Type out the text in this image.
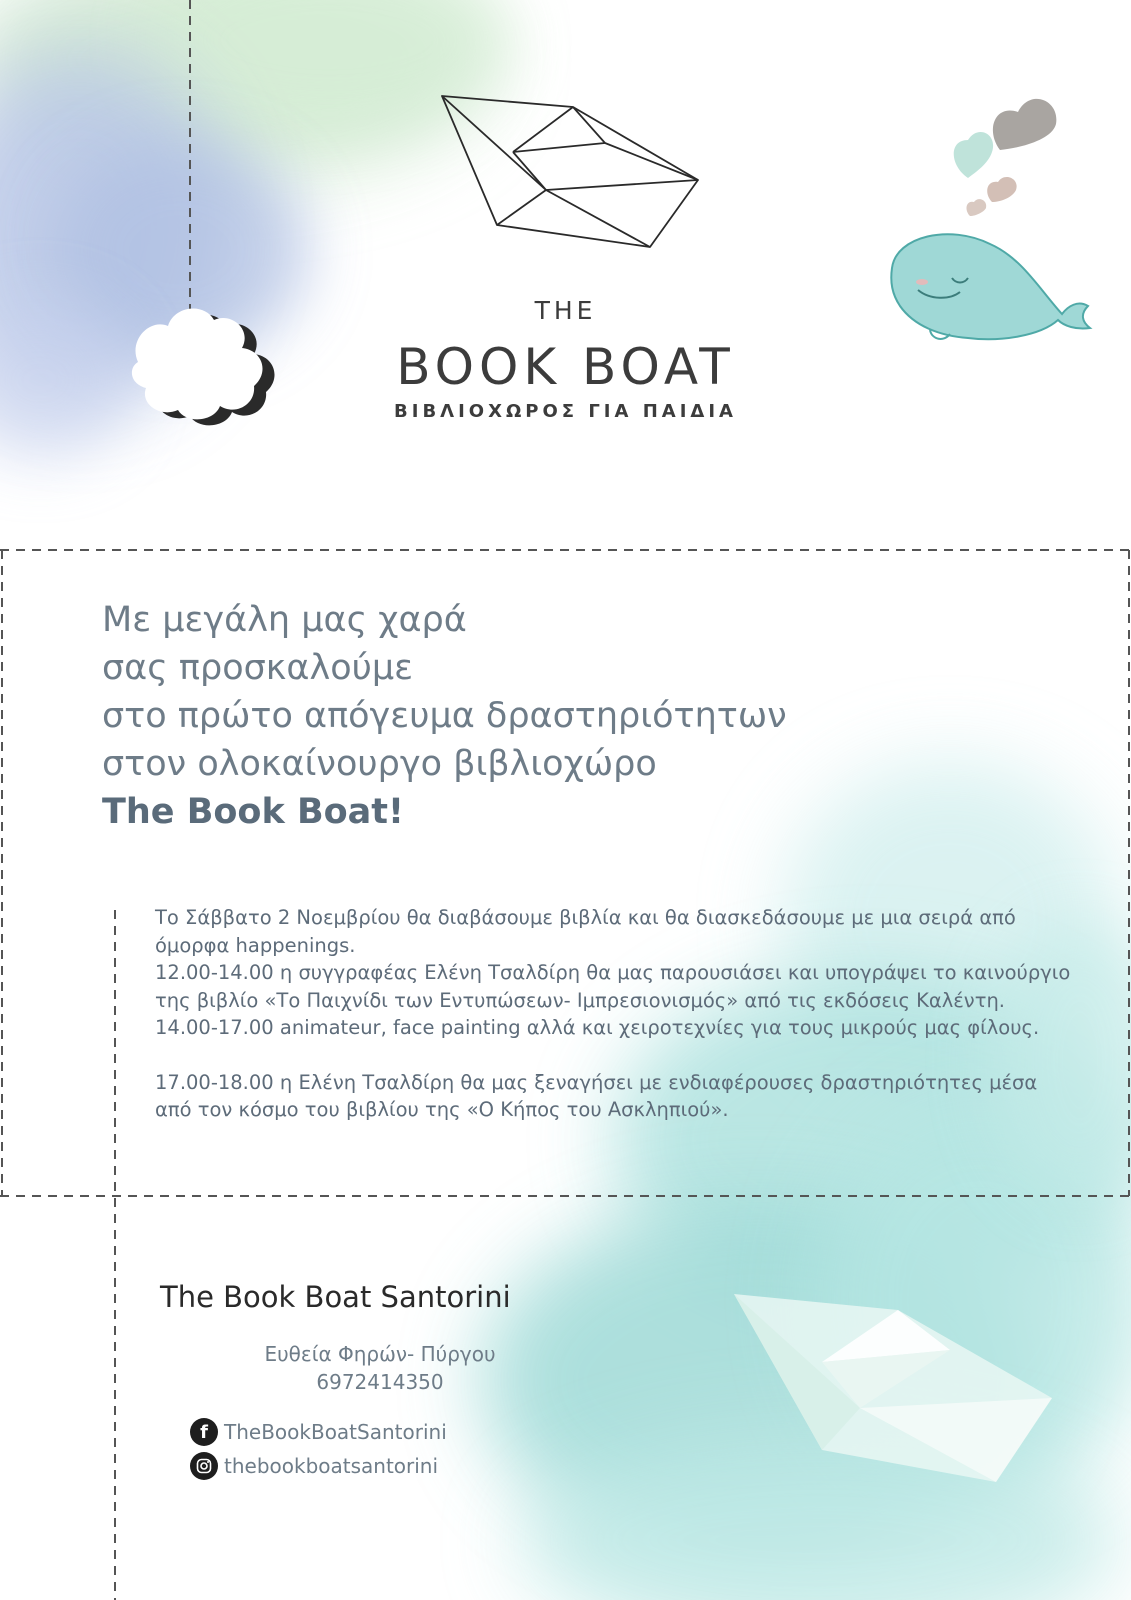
THE
BOOK BOAT
ΒΙΒΛΙΟΧΩΡΟΣ ΓΙΑ ΠΑΙΔΙΑ
Με μεγάλη μας χαρά
σας προσκαλούμε
στο πρώτο απόγευμα δραστηριότητων
στον ολοκαίνουργο βιβλιοχώρο
The Book Boat!

Το Σάββατο 2 Νοεμβρίου θα διαβάσουμε βιβλία και θα διασκεδάσουμε με μια σειρά από όμορφα happenings.

12.00-14.00 η συγγραφέας Ελένη Τσαλδίρη θα μας παρουσιάσει και υπογράψει το καινούργιο της βιβλίο «Το Παιχνίδι των Εντυπώσεων- Ιμπρεσιονισμός» από τις εκδόσεις Καλέντη.

14.00-17.00 animateur, face painting αλλά και χειροτεχνίες για τους μικρούς μας φίλους.

17.00-18.00 η Ελένη Τσαλδίρη θα μας ξεναγήσει με ενδιαφέρουσες δραστηριότητες μέσα από τον κόσμο του βιβλίου της «Ο Κήπος του Ασκληπιού».

The Book Boat Santorini
Ευθεία Φηρών- Πύργου
6972414350
f TheBookBoatSantorini
thebookboatsantorini
